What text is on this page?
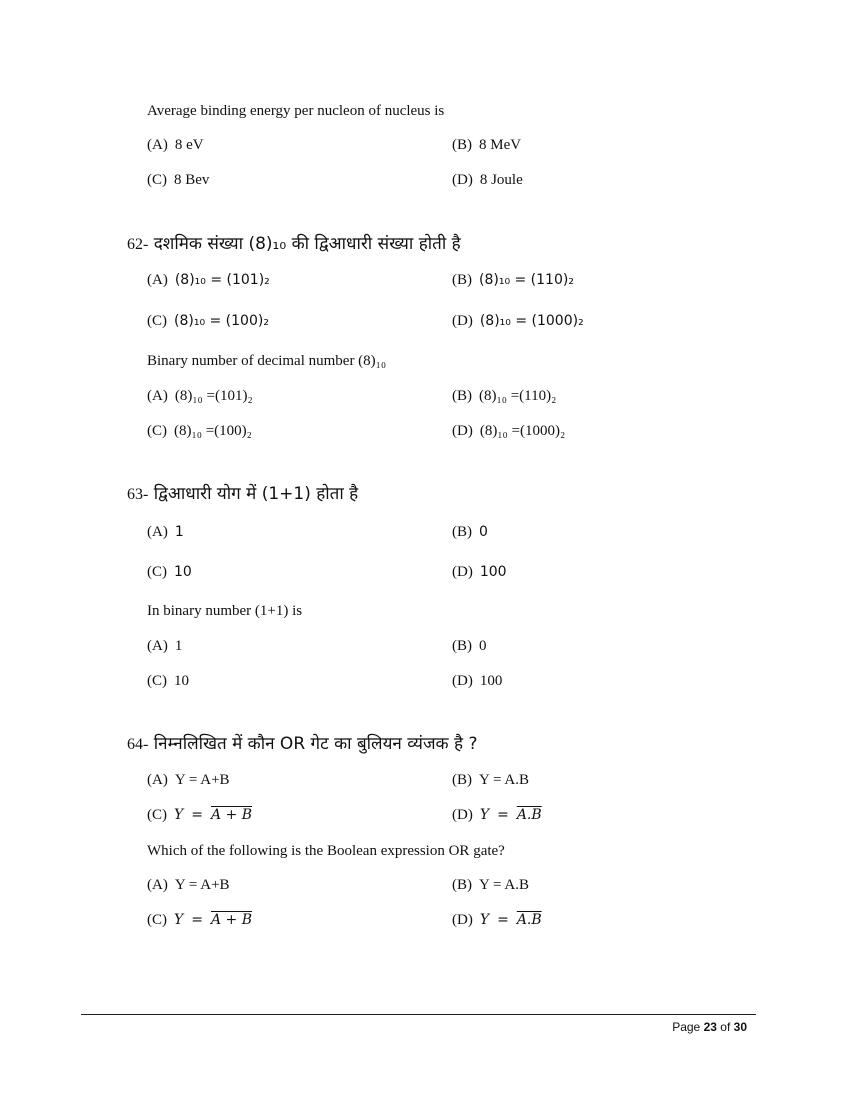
Average binding energy per nucleon of nucleus is
(A) 8 eV	(B) 8 MeV
(C) 8 Bev	(D) 8 Joule
62- दशमिक संख्या (8)₁₀ की द्विआधारी संख्या होती है
(A) (8)₁₀ = (101)₂	(B) (8)₁₀ = (110)₂
(C) (8)₁₀ = (100)₂	(D) (8)₁₀ = (1000)₂
Binary number of decimal number (8)₁₀
(A) (8)₁₀ =(101)₂	(B) (8)₁₀ =(110)₂
(C) (8)₁₀ =(100)₂	(D) (8)₁₀ =(1000)₂
63- द्विआधारी योग में (1+1) होता है
(A) 1	(B) 0
(C) 10	(D) 100
In binary number (1+1) is
(A) 1	(B) 0
(C) 10	(D) 100
64- निम्नलिखित में कौन OR गेट का बुलियन व्यंजक है ?
(A) Y = A+B	(B) Y = A.B
(C) Y = A + B	(D) Y = A.B
Which of the following is the Boolean expression OR gate?
(A) Y = A+B	(B) Y = A.B
(C) Y = A + B	(D) Y = A.B
Page 23 of 30
